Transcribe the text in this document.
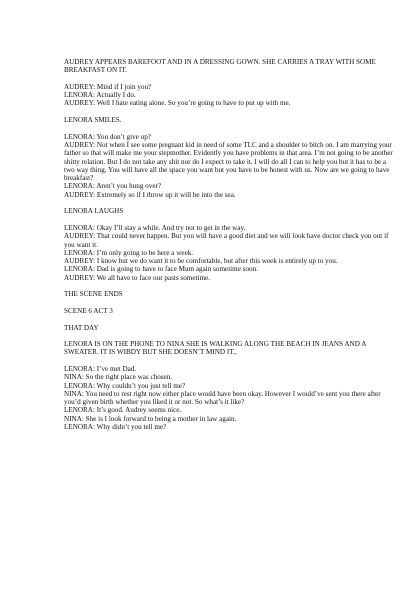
AUDREY APPEARS BAREFOOT AND IN A DRESSING GOWN. SHE CARRIES A TRAY WITH SOME BREAKFAST ON IT.
AUDREY: Mind if I join you?
LENORA: Actually I do.
AUDREY: Well I hate eating alone. So you’re going to have to put up with me.
LENORA SMILES.
LENORA: You don’t give up?
AUDREY: Not when I see some pregnant kid in need of some TLC and a shoulder to bitch on. I am marrying your father so that will make me your stepmother. Evidently you have problems in that area. I’m not going to be another shitty relation. But I do not take any shit nor do I expect to take it. I will do all I can to help you but it has to be a two way thing. You will have all the space you want but you have to be honest with us. Now are we going to have breakfast?
LENORA: Aren’t you hung over?
AUDREY: Extremely so if I throw up it will be into the sea.
LENORA LAUGHS
LENORA: Okay I’ll stay a while. And try not to get in the way.
AUDREY: That could never happen. But you will have a good diet and we will look have doctor check you out if you want it.
LENORA: I’m only going to be here a week.
AUDREY: I know but we do want it to be comfortable, but after this week is entirely up to you.
LENORA: Dad is going to have to face Mum again sometime soon.
AUDREY: We all have to face our pasts sometime.
THE SCENE ENDS
SCENE 6 ACT 3
THAT DAY
LENORA IS ON THE PHONE TO NINA SHE IS WALKING ALONG THE BEACH IN JEANS AND A SWEATER. IT IS WIBDY BUT SHE DOESN’T MIND IT.,
LENORA: I’ve met Dad.
NINA: So the right place was chosen.
LENORA: Why couldn’t you just tell me?
NINA: You need to rest right now either place would have been okay. However I would’ve sent you there after you’d given birth whether you liked it or not. So what’s it like?
LENORA: It’s good. Audrey seems nice.
NINA: She is I look forward to being a mother in law again.
LENORA: Why didn’t you tell me?
